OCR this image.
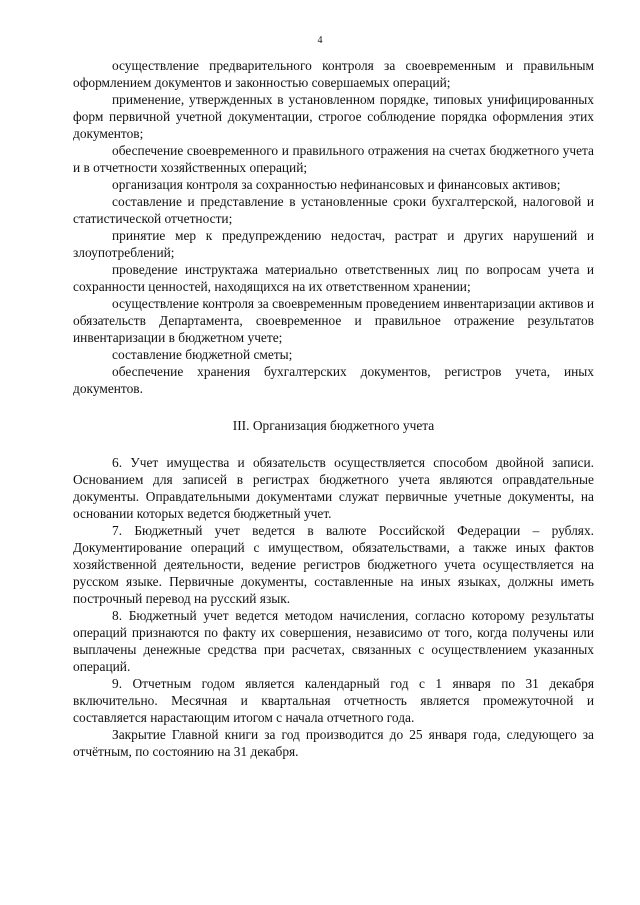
4

осуществление предварительного контроля за своевременным и правильным оформлением документов и законностью совершаемых операций;

применение, утвержденных в установленном порядке, типовых унифицированных форм первичной учетной документации, строгое соблюдение порядка оформления этих документов;

обеспечение своевременного и правильного отражения на счетах бюджетного учета и в отчетности хозяйственных операций;

организация контроля за сохранностью нефинансовых и финансовых активов;

составление и представление в установленные сроки бухгалтерской, налоговой и статистической отчетности;

принятие мер к предупреждению недостач, растрат и других нарушений и злоупотреблений;

проведение инструктажа материально ответственных лиц по вопросам учета и сохранности ценностей, находящихся на их ответственном хранении;

осуществление контроля за своевременным проведением инвентаризации активов и обязательств Департамента, своевременное и правильное отражение результатов инвентаризации в бюджетном учете;

составление бюджетной сметы;

обеспечение хранения бухгалтерских документов, регистров учета, иных документов.

III. Организация бюджетного учета

6. Учет имущества и обязательств осуществляется способом двойной записи. Основанием для записей в регистрах бюджетного учета являются оправдательные документы. Оправдательными документами служат первичные учетные документы, на основании которых ведется бюджетный учет.

7. Бюджетный учет ведется в валюте Российской Федерации – рублях. Документирование операций с имуществом, обязательствами, а также иных фактов хозяйственной деятельности, ведение регистров бюджетного учета осуществляется на русском языке. Первичные документы, составленные на иных языках, должны иметь построчный перевод на русский язык.

8. Бюджетный учет ведется методом начисления, согласно которому результаты операций признаются по факту их совершения, независимо от того, когда получены или выплачены денежные средства при расчетах, связанных с осуществлением указанных операций.

9. Отчетным годом является календарный год с 1 января по 31 декабря включительно. Месячная и квартальная отчетность является промежуточной и составляется нарастающим итогом с начала отчетного года.

Закрытие Главной книги за год производится до 25 января года, следующего за отчётным, по состоянию на 31 декабря.
